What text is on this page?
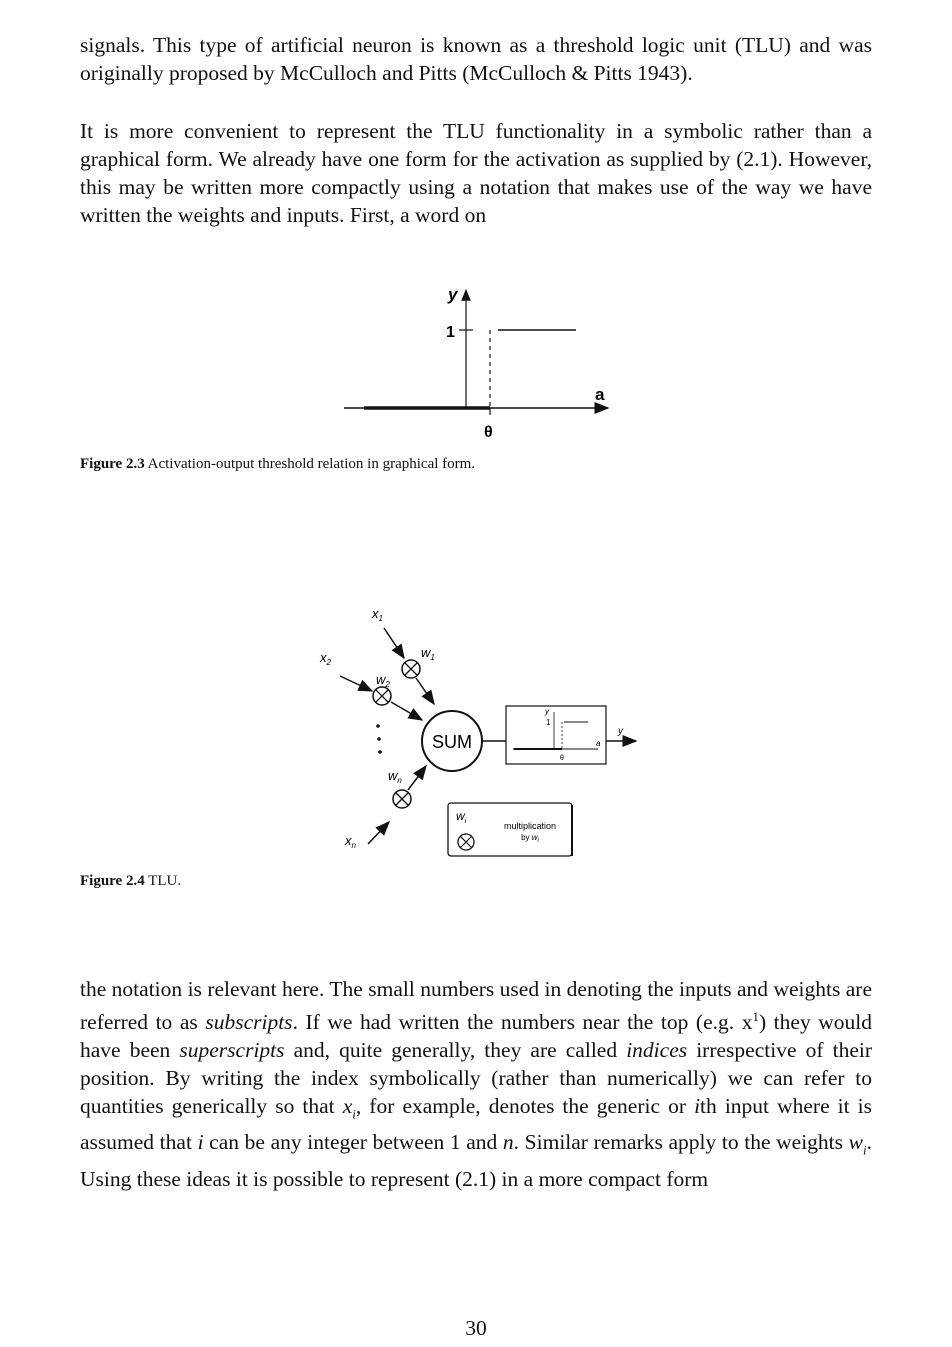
signals. This type of artificial neuron is known as a threshold logic unit (TLU) and was originally proposed by McCulloch and Pitts (McCulloch & Pitts 1943).

It is more convenient to represent the TLU functionality in a symbolic rather than a graphical form. We already have one form for the activation as supplied by (2.1). However, this may be written more compactly using a notation that makes use of the way we have written the weights and inputs. First, a word on

y
1
a
θ

Figure 2.3 Activation-output threshold relation in graphical form.

SUM
y
1
θ
a
y
$x_1$
$w_1$
$x_2$
$w_2$
$w_n$
$x_n$
$w_i$	multiplication
by $w_i$

Figure 2.4 TLU.

the notation is relevant here. The small numbers used in denoting the inputs and weights are referred to as subscripts. If we had written the numbers near the top (e.g. $x^1$) they would have been superscripts and, quite generally, they are called indices irrespective of their position. By writing the index symbolically (rather than numerically) we can refer to quantities generically so that $x_i$, for example, denotes the generic or ith input where it is assumed that i can be any integer between 1 and n. Similar remarks apply to the weights $w_i$. Using these ideas it is possible to represent (2.1) in a more compact form

30
